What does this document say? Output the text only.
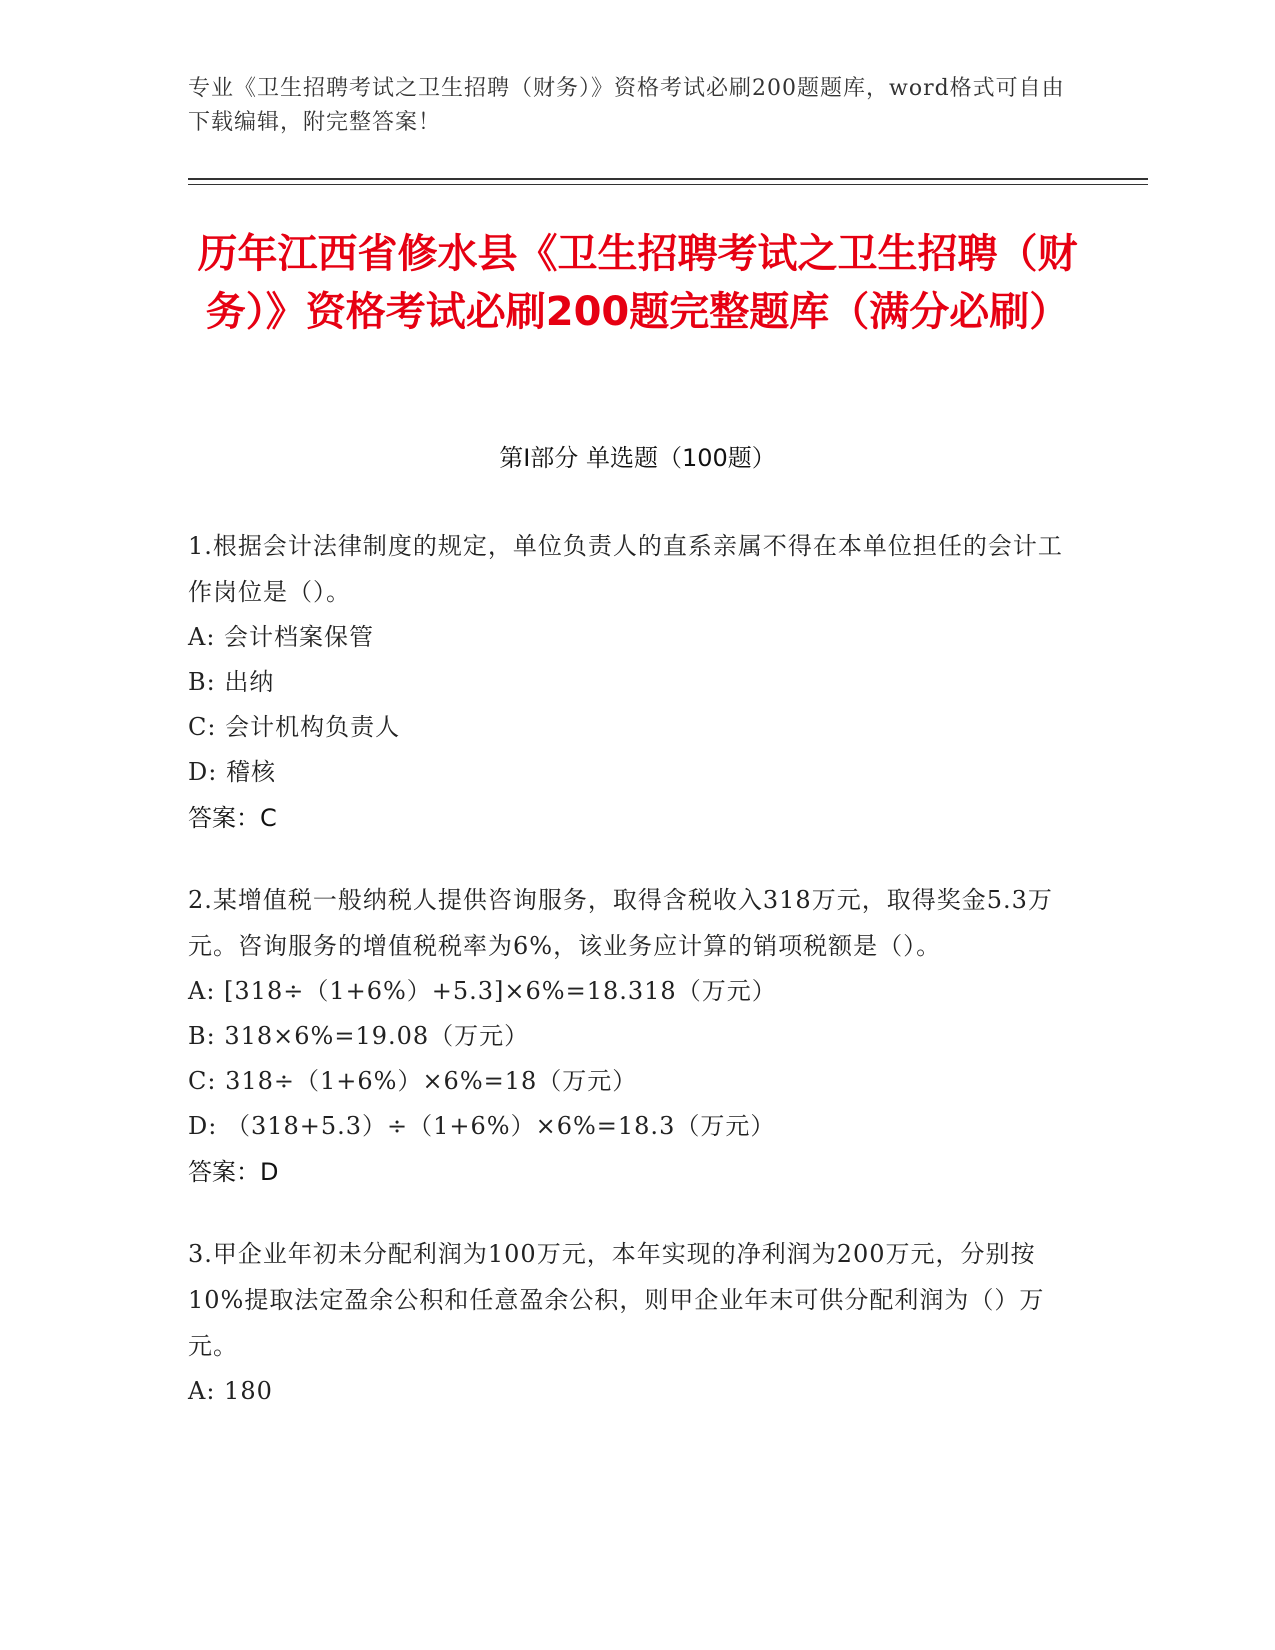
专业《卫生招聘考试之卫生招聘（财务）》资格考试必刷200题题库，word格式可自由下载编辑，附完整答案！
历年江西省修水县《卫生招聘考试之卫生招聘（财务）》资格考试必刷200题完整题库（满分必刷）
第I部分 单选题（100题）
1.根据会计法律制度的规定，单位负责人的直系亲属不得在本单位担任的会计工作岗位是（）。
A: 会计档案保管
B: 出纳
C: 会计机构负责人
D: 稽核
答案：C
2.某增值税一般纳税人提供咨询服务，取得含税收入318万元，取得奖金5.3万元。咨询服务的增值税税率为6%，该业务应计算的销项税额是（）。
A: [318÷（1+6%）+5.3]×6%=18.318（万元）
B: 318×6%=19.08（万元）
C: 318÷（1+6%）×6%=18（万元）
D: （318+5.3）÷（1+6%）×6%=18.3（万元）
答案：D
3.甲企业年初未分配利润为100万元，本年实现的净利润为200万元，分别按10%提取法定盈余公积和任意盈余公积，则甲企业年末可供分配利润为（）万元。
A: 180
